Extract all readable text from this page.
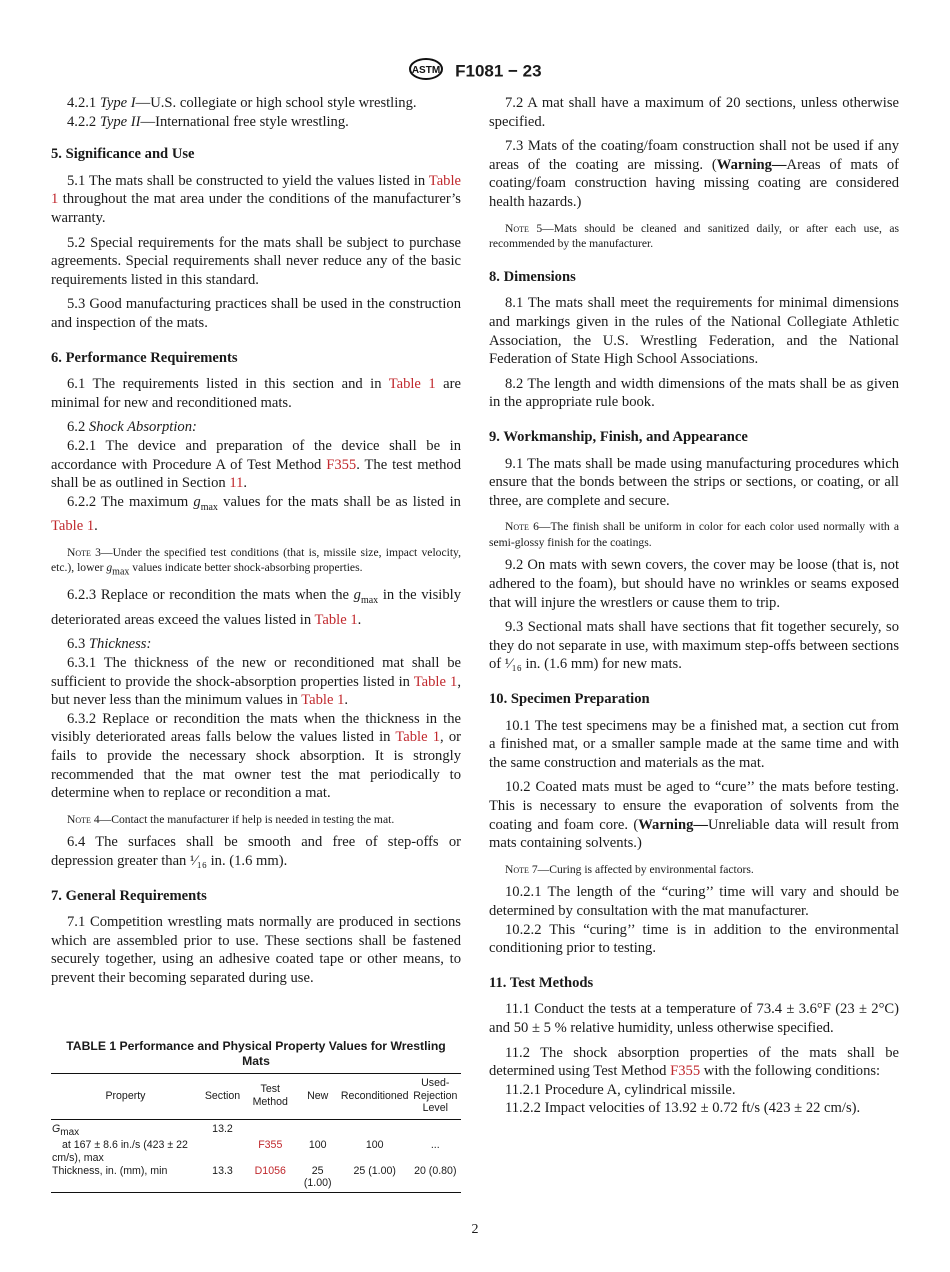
ASTM F1081 − 23

4.2.1 Type I—U.S. collegiate or high school style wrestling.

4.2.2 Type II—International free style wrestling.

5. Significance and Use

5.1 The mats shall be constructed to yield the values listed in Table 1 throughout the mat area under the conditions of the manufacturer’s warranty.

5.2 Special requirements for the mats shall be subject to purchase agreements. Special requirements shall never reduce any of the basic requirements listed in this standard.

5.3 Good manufacturing practices shall be used in the construction and inspection of the mats.

6. Performance Requirements

6.1 The requirements listed in this section and in Table 1 are minimal for new and reconditioned mats.

6.2 Shock Absorption:

6.2.1 The device and preparation of the device shall be in accordance with Procedure A of Test Method F355. The test method shall be as outlined in Section 11.

6.2.2 The maximum $g_{max}$ values for the mats shall be as listed in Table 1.

Note 3—Under the specified test conditions (that is, missile size, impact velocity, etc.), lower $g_{max}$ values indicate better shock-absorbing properties.

6.2.3 Replace or recondition the mats when the $g_{max}$ in the visibly deteriorated areas exceed the values listed in Table 1.

6.3 Thickness:

6.3.1 The thickness of the new or reconditioned mat shall be sufficient to provide the shock-absorption properties listed in Table 1, but never less than the minimum values in Table 1.

6.3.2 Replace or recondition the mats when the thickness in the visibly deteriorated areas falls below the values listed in Table 1, or fails to provide the necessary shock absorption. It is strongly recommended that the mat owner test the mat periodically to determine when to replace or recondition a mat.

Note 4—Contact the manufacturer if help is needed in testing the mat.

6.4 The surfaces shall be smooth and free of step-offs or depression greater than ¹⁄₁₆ in. (1.6 mm).

7. General Requirements

7.1 Competition wrestling mats normally are produced in sections which are assembled prior to use. These sections shall be fastened securely together, using an adhesive coated tape or other means, to prevent their becoming separated during use.

TABLE 1 Performance and Physical Property Values for Wrestling Mats
Property	Section	Test Method	New	Reconditioned	Used-Rejection Level
$G_{max}$	13.2				
at 167 ± 8.6 in./s (423 ± 22 cm/s), max		F355	100	100	...
Thickness, in. (mm), min	13.3	D1056	25 (1.00)	25 (1.00)	20 (0.80)

7.2 A mat shall have a maximum of 20 sections, unless otherwise specified.

7.3 Mats of the coating/foam construction shall not be used if any areas of the coating are missing. (Warning—Areas of mats of coating/foam construction having missing coating are considered health hazards.)

Note 5—Mats should be cleaned and sanitized daily, or after each use, as recommended by the manufacturer.
8. Dimensions

8.1 The mats shall meet the requirements for minimal dimensions and markings given in the rules of the National Collegiate Athletic Association, the U.S. Wrestling Federation, and the National Federation of State High School Associations.

8.2 The length and width dimensions of the mats shall be as given in the appropriate rule book.

9. Workmanship, Finish, and Appearance

9.1 The mats shall be made using manufacturing procedures which ensure that the bonds between the strips or sections, or coating, or all three, are complete and secure.

Note 6—The finish shall be uniform in color for each color used normally with a semi-glossy finish for the coatings.

9.2 On mats with sewn covers, the cover may be loose (that is, not adhered to the foam), but should have no wrinkles or seams exposed that will injure the wrestlers or cause them to trip.

9.3 Sectional mats shall have sections that fit together securely, so they do not separate in use, with maximum step-offs between sections of ¹⁄₁₆ in. (1.6 mm) for new mats.

10. Specimen Preparation

10.1 The test specimens may be a finished mat, a section cut from a finished mat, or a smaller sample made at the same time and with the same construction and materials as the mat.

10.2 Coated mats must be aged to “cure’’ the mats before testing. This is necessary to ensure the evaporation of solvents from the coating and foam core. (Warning—Unreliable data will result from mats containing solvents.)

Note 7—Curing is affected by environmental factors.

10.2.1 The length of the “curing’’ time will vary and should be determined by consultation with the mat manufacturer.

10.2.2 This “curing’’ time is in addition to the environmental conditioning prior to testing.

11. Test Methods

11.1 Conduct the tests at a temperature of 73.4 ± 3.6°F (23 ± 2°C) and 50 ± 5 % relative humidity, unless otherwise specified.

11.2 The shock absorption properties of the mats shall be determined using Test Method F355 with the following conditions:

11.2.1 Procedure A, cylindrical missile.

11.2.2 Impact velocities of 13.92 ± 0.72 ft/s (423 ± 22 cm/s).

2
